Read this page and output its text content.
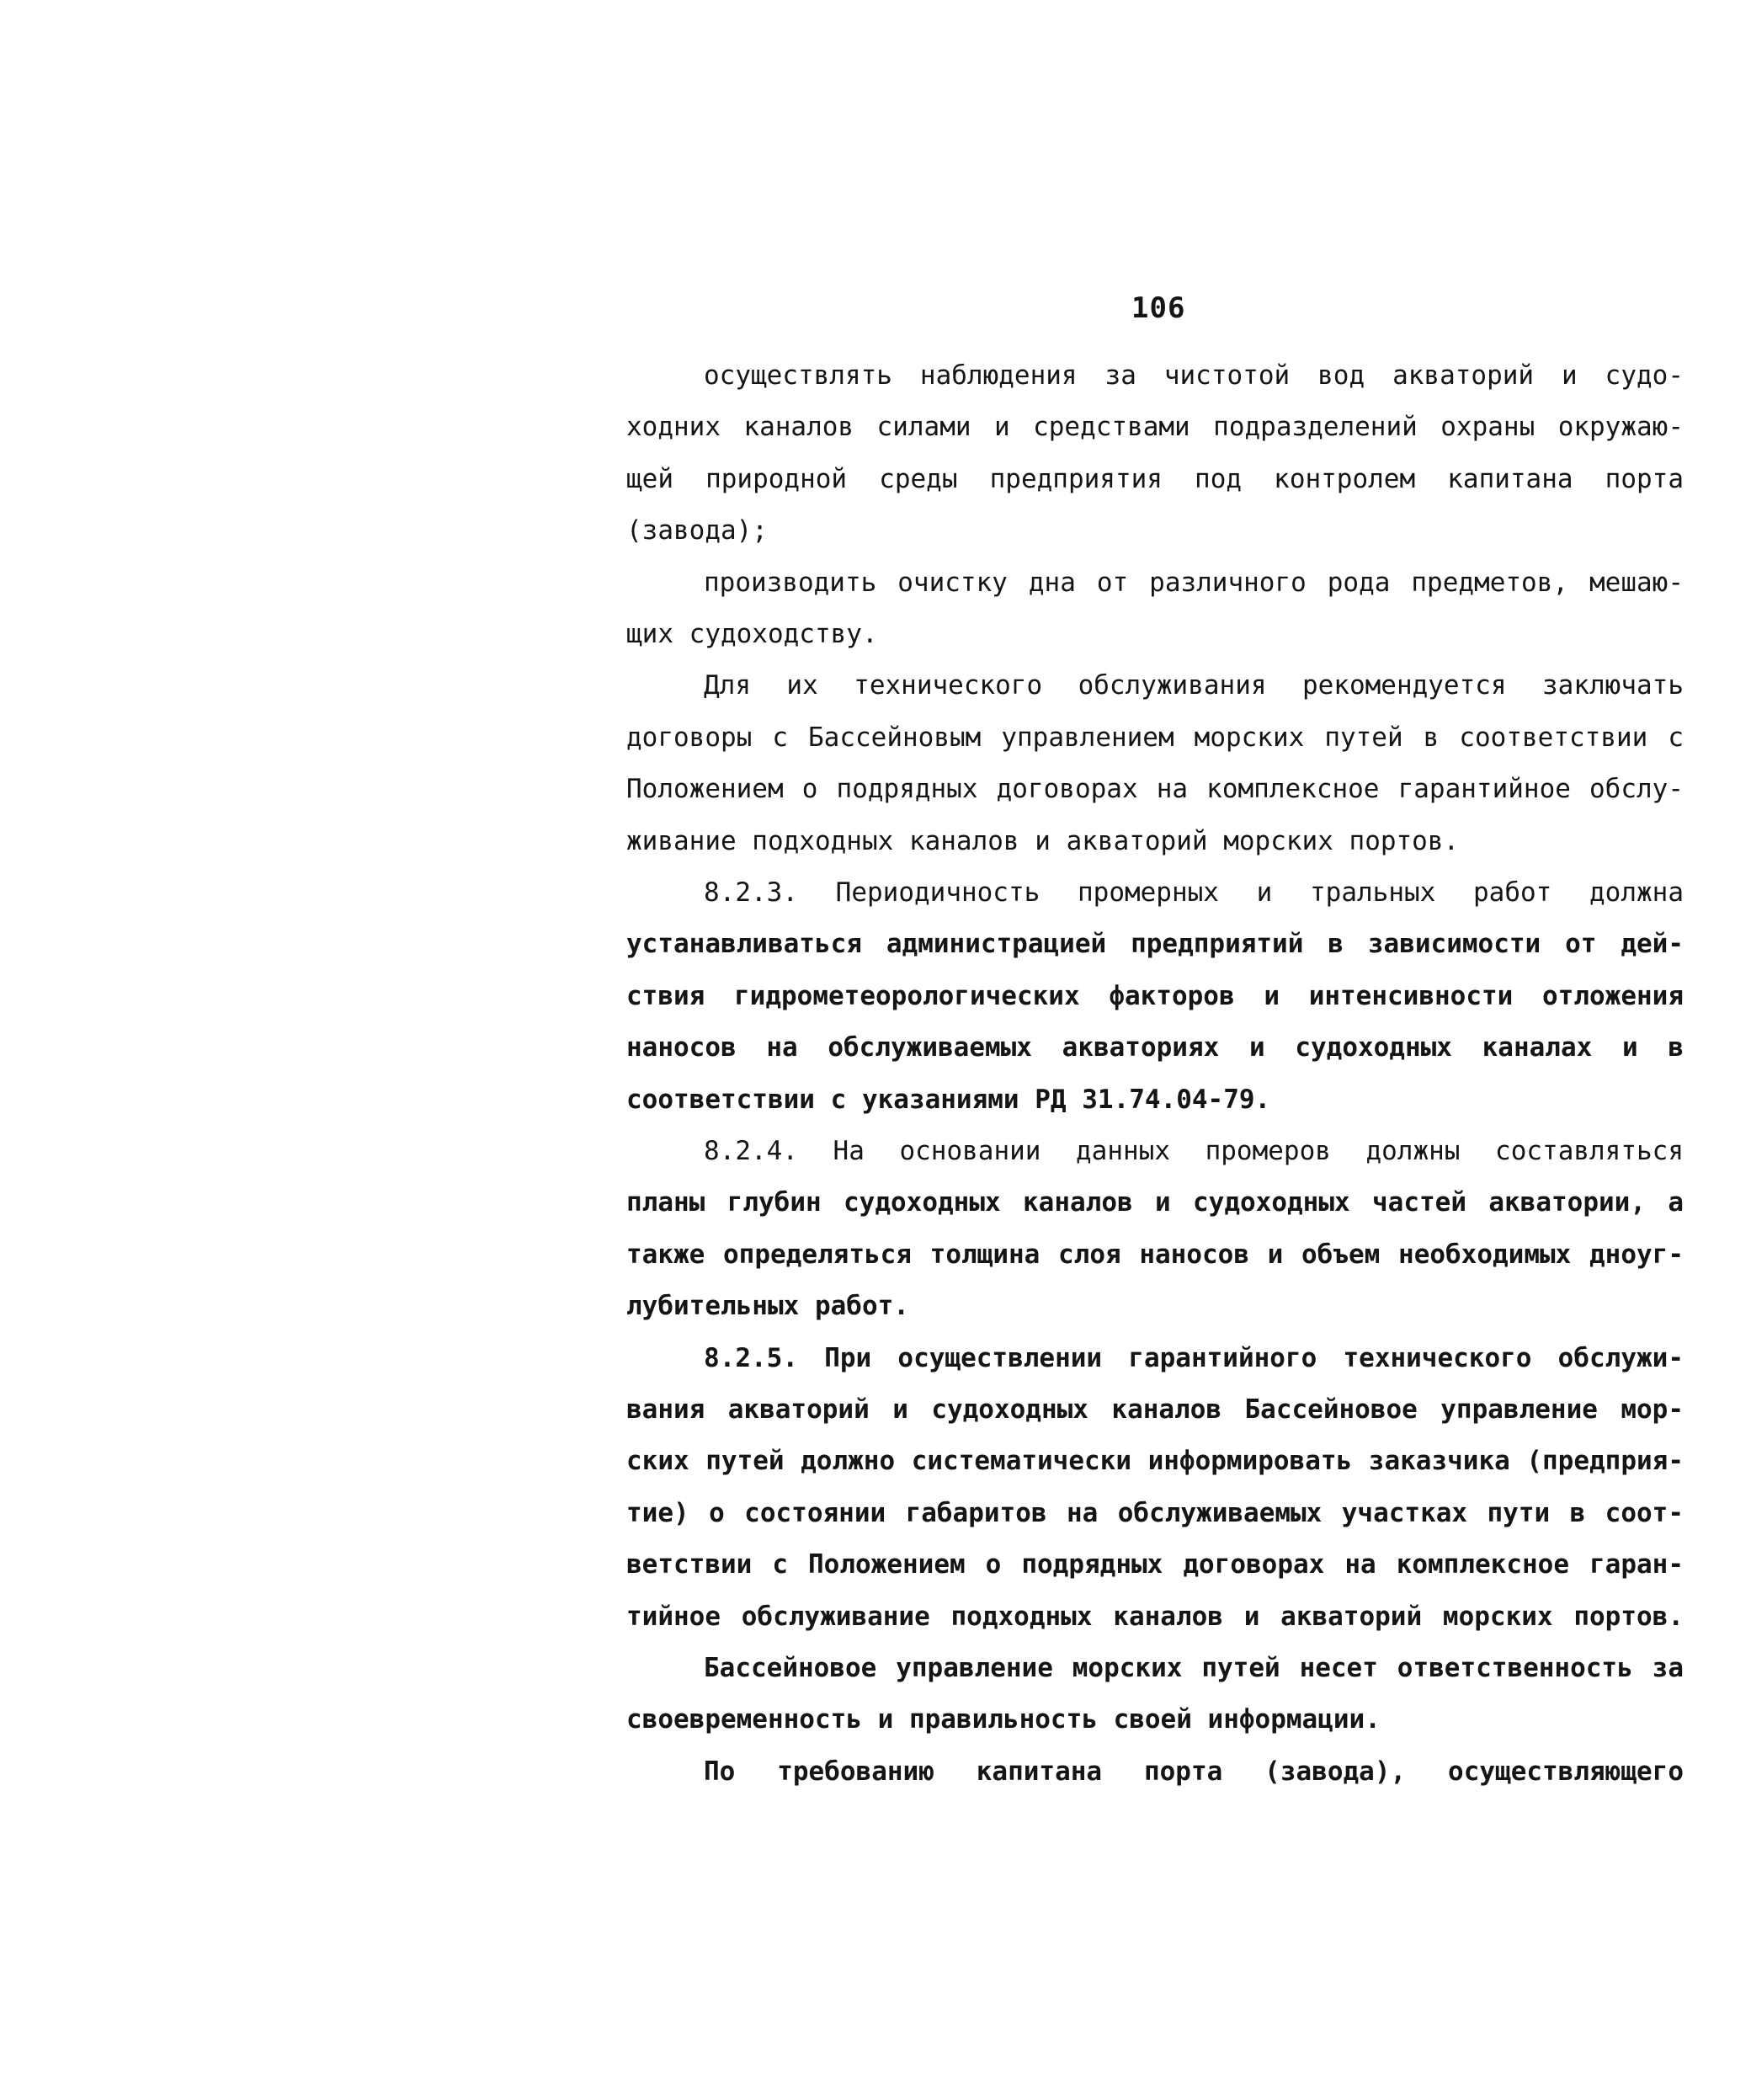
106
осуществлять наблюдения за чистотой вод акваторий и судо-
ходних каналов силами и средствами подразделений охраны окружаю-
щей природной среды предприятия под контролем капитана порта
(завода);
производить очистку дна от различного рода предметов, мешаю-
щих судоходству.
Для их технического обслуживания рекомендуется заключать
договоры с Бассейновым управлением морских путей в соответствии с
Положением о подрядных договорах на комплексное гарантийное обслу-
живание подходных каналов и акваторий морских портов.
8.2.3. Периодичность промерных и тральных работ должна
устанавливаться администрацией предприятий в зависимости от дей-
ствия гидрометеорологических факторов и интенсивности отложения
наносов на обслуживаемых акваториях и судоходных каналах и в
соответствии с указаниями РД 31.74.04-79.
8.2.4. На основании данных промеров должны составляться
планы глубин судоходных каналов и судоходных частей акватории, а
также определяться толщина слоя наносов и объем необходимых дноуг-
лубительных работ.
8.2.5. При осуществлении гарантийного технического обслужи-
вания акваторий и судоходных каналов Бассейновое управление мор-
ских путей должно систематически информировать заказчика (предприя-
тие) о состоянии габаритов на обслуживаемых участках пути в соот-
ветствии с Положением о подрядных договорах на комплексное гаран-
тийное обслуживание подходных каналов и акваторий морских портов.
Бассейновое управление морских путей несет ответственность за
своевременность и правильность своей информации.
По требованию капитана порта (завода), осуществляющего
